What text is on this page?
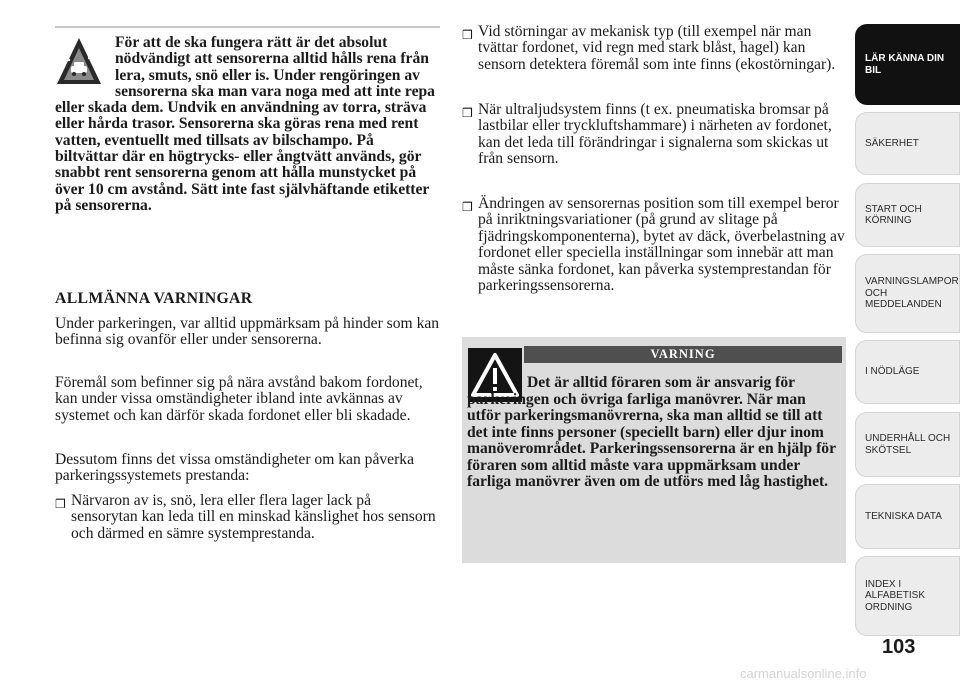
För att de ska fungera rätt är det absolut nödvändigt att sensorerna alltid hålls rena från lera, smuts, snö eller is. Under rengöringen av sensorerna ska man vara noga med att inte repa eller skada dem. Undvik en användning av torra, sträva eller hårda trasor. Sensorerna ska göras rena med rent vatten, eventuellt med tillsats av bilschampo. På biltvättar där en högtrycks- eller ångtvätt används, gör snabbt rent sensorerna genom att hålla munstycket på över 10 cm avstånd. Sätt inte fast självhäftande etiketter på sensorerna.

ALLMÄNNA VARNINGAR

Under parkeringen, var alltid uppmärksam på hinder som kan befinna sig ovanför eller under sensorerna.

Föremål som befinner sig på nära avstånd bakom fordonet, kan under vissa omständigheter ibland inte avkännas av systemet och kan därför skada fordonet eller bli skadade.

Dessutom finns det vissa omständigheter om kan påverka parkeringssystemets prestanda:

❒ Närvaron av is, snö, lera eller flera lager lack på sensorytan kan leda till en minskad känslighet hos sensorn och därmed en sämre systemprestanda.
❒ Vid störningar av mekanisk typ (till exempel när man tvättar fordonet, vid regn med stark blåst, hagel) kan sensorn detektera föremål som inte finns (ekostörningar).
❒ När ultraljudsystem finns (t ex. pneumatiska bromsar på lastbilar eller tryckluftshammare) i närheten av fordonet, kan det leda till förändringar i signalerna som skickas ut från sensorn.
❒ Ändringen av sensorernas position som till exempel beror på inriktningsvariationer (på grund av slitage på fjädringskomponenterna), bytet av däck, överbelastning av fordonet eller speciella inställningar som innebär att man måste sänka fordonet, kan påverka systemprestandan för parkeringssensorerna.
VARNING
Det är alltid föraren som är ansvarig för parkeringen och övriga farliga manövrer. När man utför parkeringsmanövrerna, ska man alltid se till att det inte finns personer (speciellt barn) eller djur inom manöverområdet. Parkeringssensorerna är en hjälp för föraren som alltid måste vara uppmärksam under farliga manövrer även om de utförs med låg hastighet.
LÄR KÄNNA DIN BIL
SÄKERHET
START OCH KÖRNING
VARNINGSLAMPOR OCH MEDDELANDEN
I NÖDLÄGE
UNDERHÅLL OCH SKÖTSEL
TEKNISKA DATA
INDEX I ALFABETISK ORDNING
103
carmanualsonline.info
